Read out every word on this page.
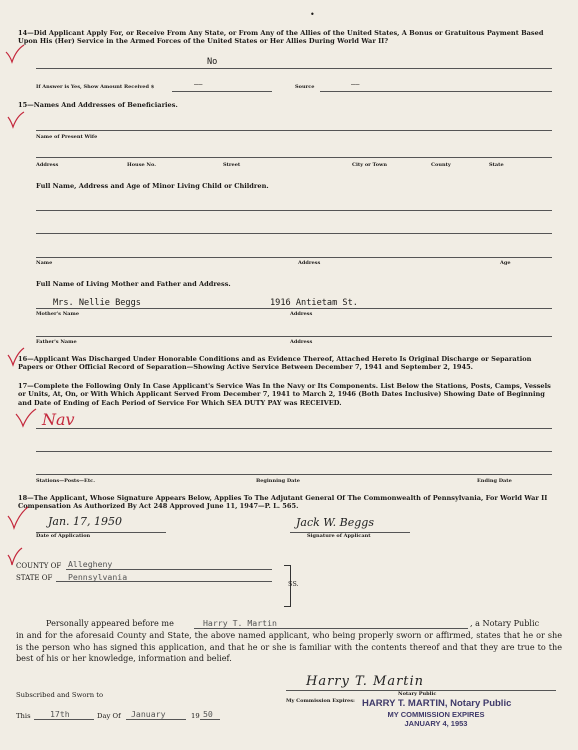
•
14—Did Applicant Apply For, or Receive From Any State, or From Any of the Allies of the United States, A Bonus or Gratuitous Payment Based Upon His (Her) Service in the Armed Forces of the United States or Her Allies During World War II?
No
If Answer is Yes, Show Amount Received $	——	Source	——
15—Names And Addresses of Beneficiaries.
Name of Present Wife
Address	House No.	Street	City or Town	County	State
Full Name, Address and Age of Minor Living Child or Children.
Name	Address	Age
Full Name of Living Mother and Father and Address.
Mrs. Nellie Beggs	1916 Antietam St.
Mother's Name	Address
Father's Name	Address
16—Applicant Was Discharged Under Honorable Conditions and as Evidence Thereof, Attached Hereto Is Original Discharge or Separation Papers or Other Official Record of Separation—Showing Active Service Between December 7, 1941 and September 2, 1945.
17—Complete the Following Only In Case Applicant's Service Was In the Navy or Its Components. List Below the Stations, Posts, Camps, Vessels or Units, At, On, or With Which Applicant Served From December 7, 1941 to March 2, 1946 (Both Dates Inclusive) Showing Date of Beginning and Date of Ending of Each Period of Service For Which SEA DUTY PAY was RECEIVED.
Nav
Stations—Posts—Etc.	Beginning Date	Ending Date
18—The Applicant, Whose Signature Appears Below, Applies To The Adjutant General Of The Commonwealth of Pennsylvania, For World War II Compensation As Authorized By Act 248 Approved June 11, 1947—P. L. 565.
Jan. 17, 1950
Date of Application
Jack W. Beggs
Signature of Applicant
COUNTY OF Allegheny
STATE OF Pennsylvania
SS.
Personally appeared before me	Harry T. Martin	, a Notary Public
in and for the aforesaid County and State, the above named applicant, who being properly sworn or affirmed, states that he or she is the person who has signed this application, and that he or she is familiar with the contents thereof and that they are true to the best of his or her knowledge, information and belief.
Subscribed and Sworn to
This 17th	Day Of January	19 50
Harry T. Martin
Notary Public
My Commission Expires: HARRY T. MARTIN, Notary Public
MY COMMISSION EXPIRES
JANUARY 4, 1953
